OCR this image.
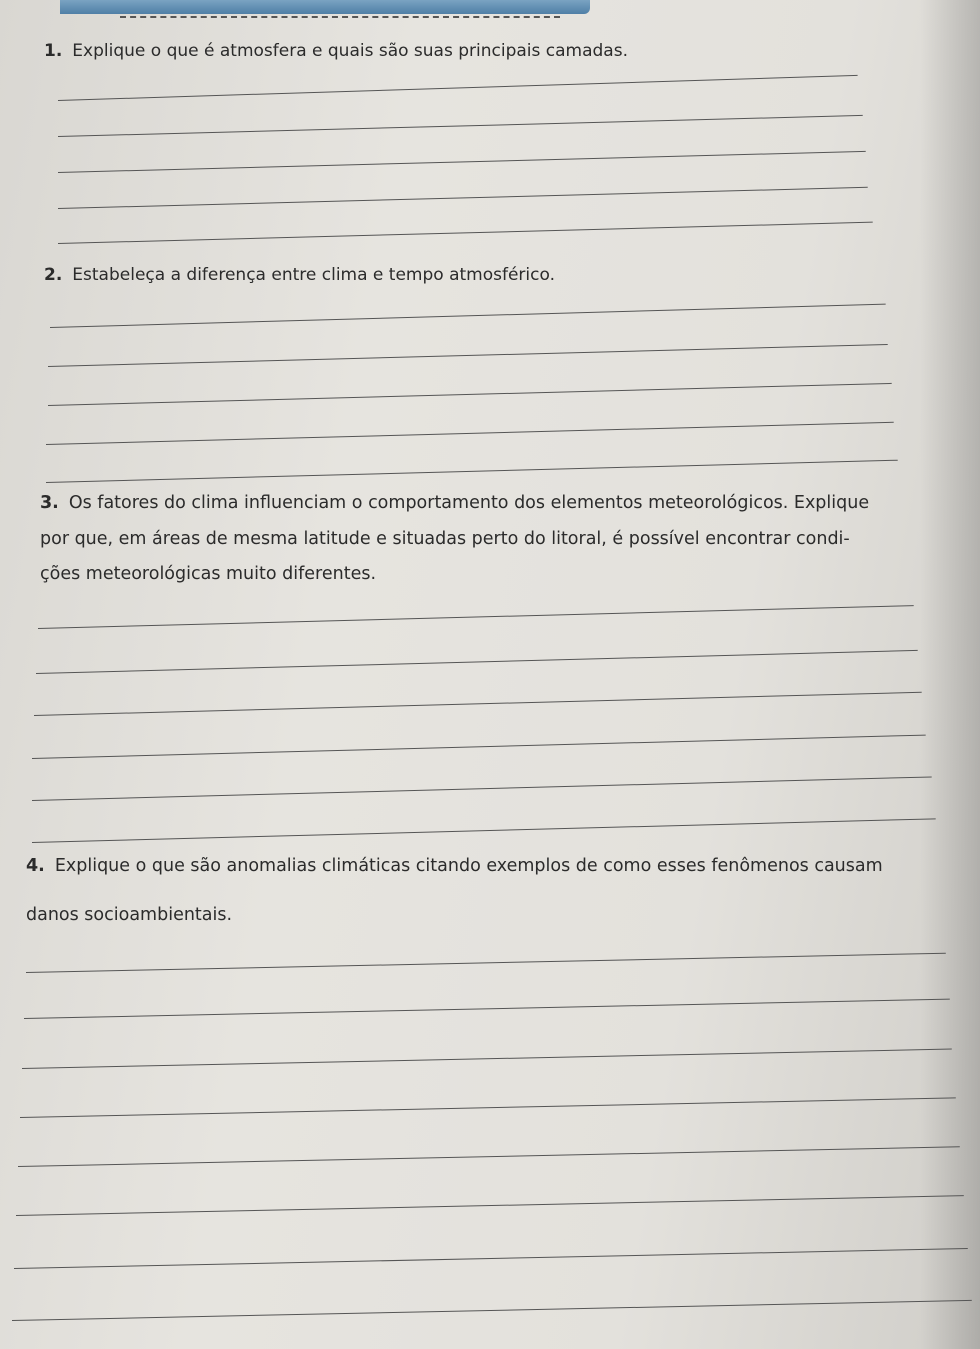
1. Explique o que é atmosfera e quais são suas principais camadas.

2. Estabeleça a diferença entre clima e tempo atmosférico.

3. Os fatores do clima influenciam o comportamento dos elementos meteorológicos. Explique

por que, em áreas de mesma latitude e situadas perto do litoral, é possível encontrar condi-

ções meteorológicas muito diferentes.

4. Explique o que são anomalias climáticas citando exemplos de como esses fenômenos causam

danos socioambientais.
